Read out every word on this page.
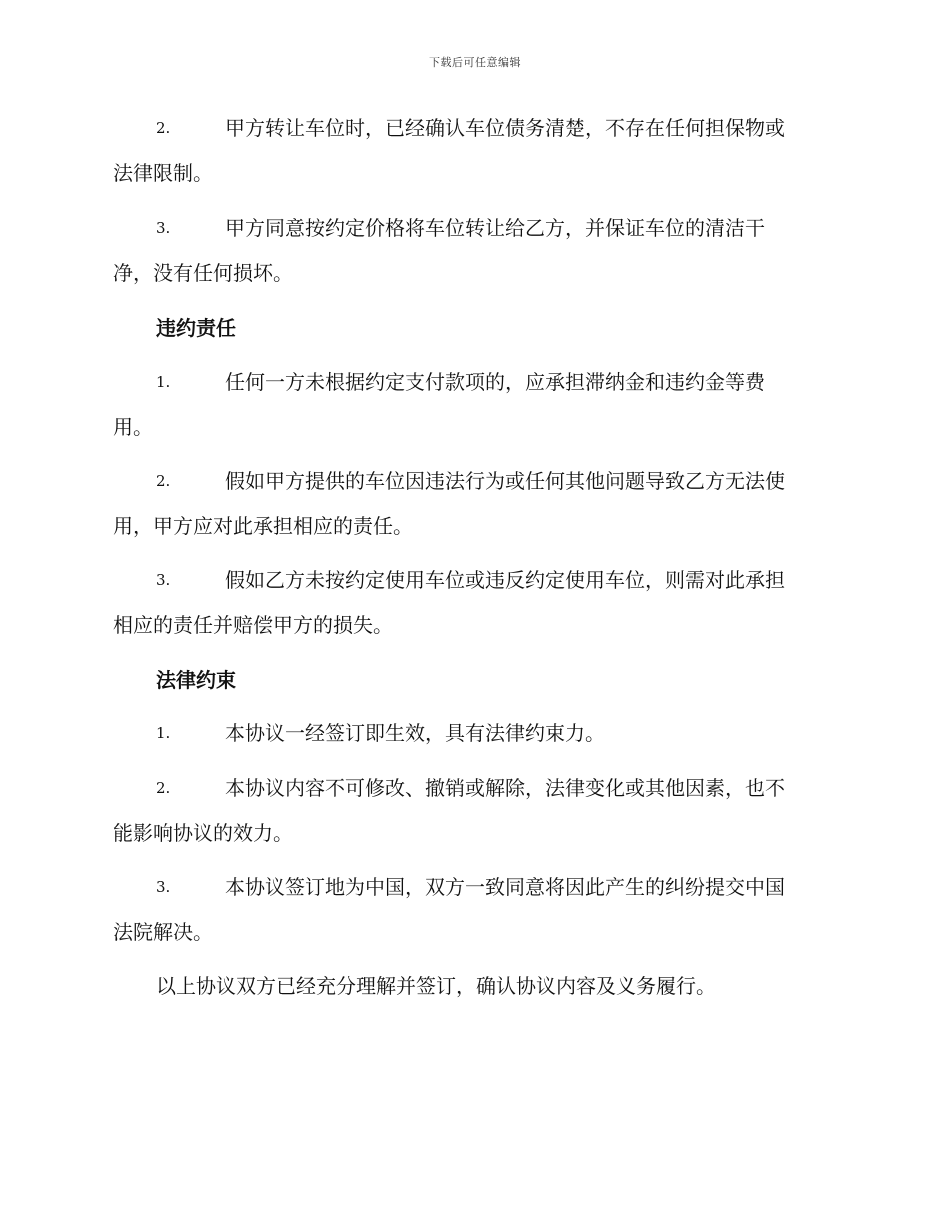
下载后可任意编辑
2.	甲方转让车位时，已经确认车位债务清楚，不存在任何担保物或
法律限制。
3.	甲方同意按约定价格将车位转让给乙方，并保证车位的清洁干
净，没有任何损坏。
违约责任
1.	任何一方未根据约定支付款项的，应承担滞纳金和违约金等费
用。
2.	假如甲方提供的车位因违法行为或任何其他问题导致乙方无法使
用，甲方应对此承担相应的责任。
3.	假如乙方未按约定使用车位或违反约定使用车位，则需对此承担
相应的责任并赔偿甲方的损失。
法律约束
1.	本协议一经签订即生效，具有法律约束力。
2.	本协议内容不可修改、撤销或解除，法律变化或其他因素，也不
能影响协议的效力。
3.	本协议签订地为中国，双方一致同意将因此产生的纠纷提交中国
法院解决。
以上协议双方已经充分理解并签订，确认协议内容及义务履行。
